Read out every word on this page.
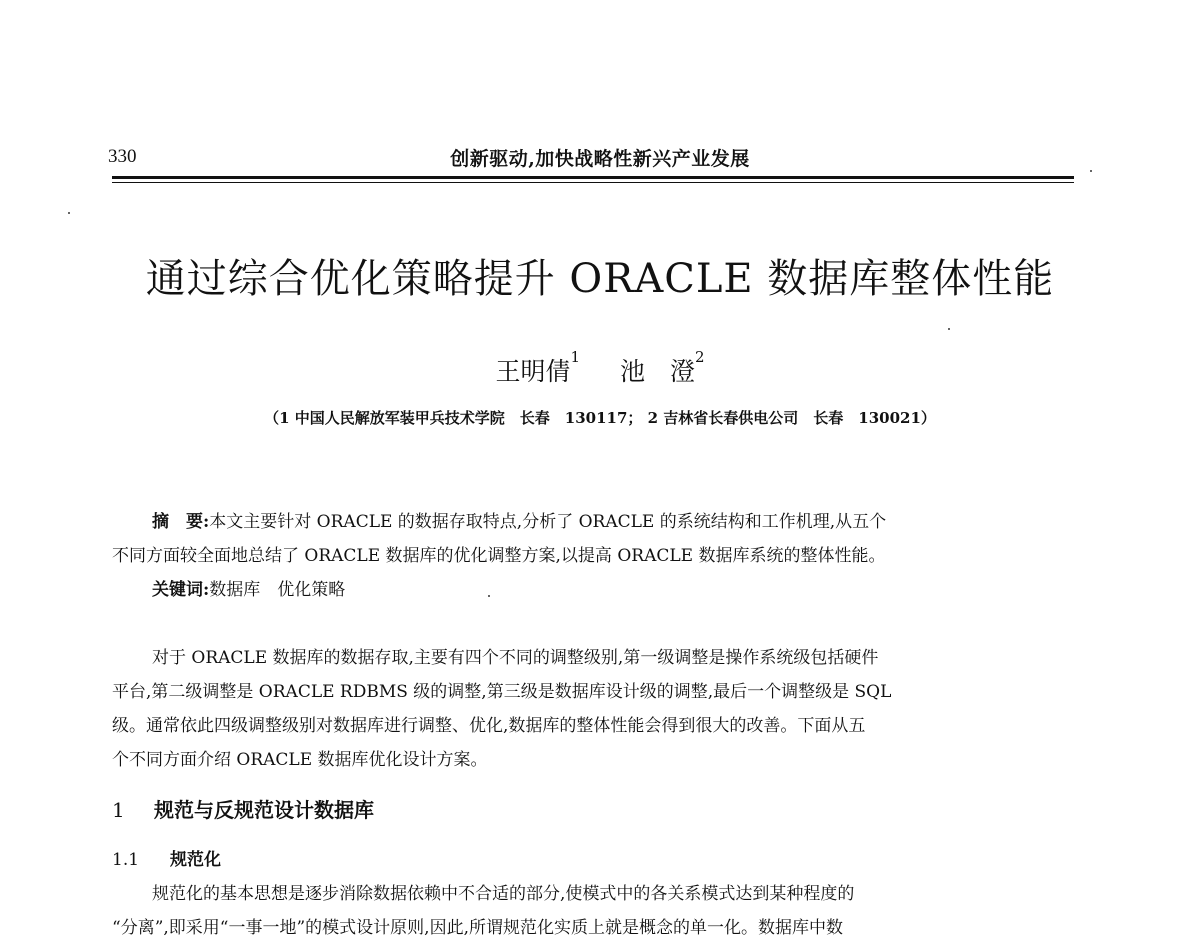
330	创新驱动,加快战略性新兴产业发展
通过综合优化策略提升 ORACLE 数据库整体性能
王明倩$^1$ 池　澄$^2$
（1 中国人民解放军装甲兵技术学院　长春　130117； 2 吉林省长春供电公司　长春　130021）
摘　要:本文主要针对 ORACLE 的数据存取特点,分析了 ORACLE 的系统结构和工作机理,从五个
不同方面较全面地总结了 ORACLE 数据库的优化调整方案,以提高 ORACLE 数据库系统的整体性能。
关键词:数据库　优化策略
对于 ORACLE 数据库的数据存取,主要有四个不同的调整级别,第一级调整是操作系统级包括硬件
平台,第二级调整是 ORACLE RDBMS 级的调整,第三级是数据库设计级的调整,最后一个调整级是 SQL
级。通常依此四级调整级别对数据库进行调整、优化,数据库的整体性能会得到很大的改善。下面从五
个不同方面介绍 ORACLE 数据库优化设计方案。
1 规范与反规范设计数据库
1.1 规范化
规范化的基本思想是逐步消除数据依赖中不合适的部分,使模式中的各关系模式达到某种程度的
“分离”,即采用“一事一地”的模式设计原则,因此,所谓规范化实质上就是概念的单一化。数据库中数
